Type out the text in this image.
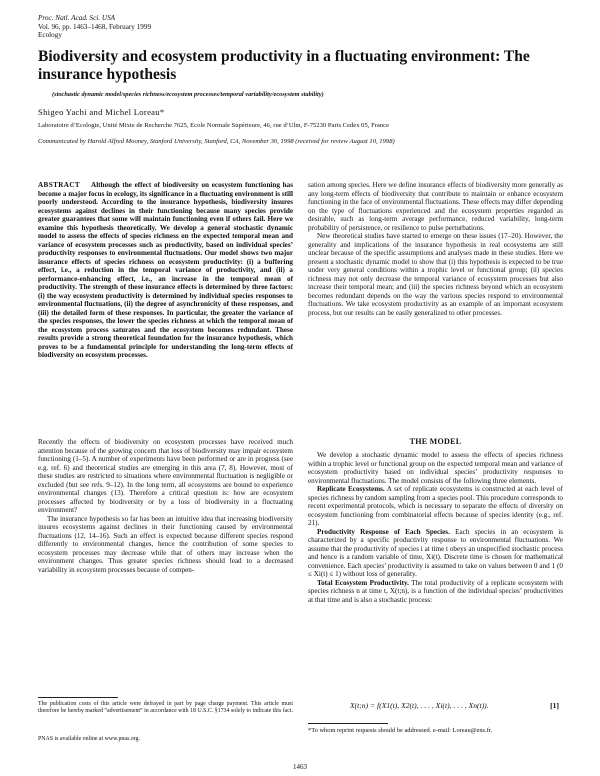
Proc. Natl. Acad. Sci. USA
Vol. 96, pp. 1463–1468, February 1999
Ecology
Biodiversity and ecosystem productivity in a fluctuating environment: The insurance hypothesis
(stochastic dynamic model/species richness/ecosystem processes/temporal variability/ecosystem stability)
Shigeo Yachi and Michel Loreau*
Laboratoire d’Ecologie, Unité Mixte de Recherche 7625, Ecole Normale Supérieure, 46, rue d’Ulm, F-75230 Paris Cedex 05, France
Communicated by Harold Alfred Mooney, Stanford University, Stanford, CA, November 30, 1998 (received for review August 10, 1998)

ABSTRACT Although the effect of biodiversity on ecosystem functioning has become a major focus in ecology, its significance in a fluctuating environment is still poorly understood. According to the insurance hypothesis, biodiversity insures ecosystems against declines in their functioning because many species provide greater guarantees that some will maintain functioning even if others fail. Here we examine this hypothesis theoretically. We develop a general stochastic dynamic model to assess the effects of species richness on the expected temporal mean and variance of ecosystem processes such as productivity, based on individual species’ productivity responses to environmental fluctuations. Our model shows two major insurance effects of species richness on ecosystem productivity: (i) a buffering effect, i.e., a reduction in the temporal variance of productivity, and (ii) a performance-enhancing effect, i.e., an increase in the temporal mean of productivity. The strength of these insurance effects is determined by three factors: (i) the way ecosystem productivity is determined by individual species responses to environmental fluctuations, (ii) the degree of asynchronicity of these responses, and (iii) the detailed form of these responses. In particular, the greater the variance of the species responses, the lower the species richness at which the temporal mean of the ecosystem process saturates and the ecosystem becomes redundant. These results provide a strong theoretical foundation for the insurance hypothesis, which proves to be a fundamental principle for understanding the long-term effects of biodiversity on ecosystem processes.

Recently the effects of biodiversity on ecosystem processes have received much attention because of the growing concern that loss of biodiversity may impair ecosystem functioning (1–5). A number of experiments have been performed or are in progress (see e.g. ref. 6) and theoretical studies are emerging in this area (7, 8). However, most of these studies are restricted to situations where environmental fluctuation is negligible or excluded (but see refs. 9–12). In the long term, all ecosystems are bound to experience environmental changes (13). Therefore a critical question is: how are ecosystem processes affected by biodiversity or by a loss of biodiversity in a fluctuating environment?

The insurance hypothesis so far has been an intuitive idea that increasing biodiversity insures ecosystems against declines in their functioning caused by environmental fluctuations (12, 14–16). Such an effect is expected because different species respond differently to environmental changes, hence the contribution of some species to ecosystem processes may decrease while that of others may increase when the environment changes. Thus greater species richness should lead to a decreased variability in ecosystem processes because of compen-

sation among species. Here we define insurance effects of biodiversity more generally as any long-term effects of biodiversity that contribute to maintain or enhance ecosystem functioning in the face of environmental fluctuations. These effects may differ depending on the type of fluctuations experienced and the ecosystem properties regarded as desirable, such as long-term average performance, reduced variability, long-term probability of persistence, or resilience to pulse perturbations.

New theoretical studies have started to emerge on these issues (17–20). However, the generality and implications of the insurance hypothesis in real ecosystems are still unclear because of the specific assumptions and analyses made in these studies. Here we present a stochastic dynamic model to show that (i) this hypothesis is expected to be true under very general conditions within a trophic level or functional group; (ii) species richness may not only decrease the temporal variance of ecosystem processes but also increase their temporal mean; and (iii) the species richness beyond which an ecosystem becomes redundant depends on the way the various species respond to environmental fluctuations. We take ecosystem productivity as an example of an important ecosystem process, but our results can be easily generalized to other processes.

THE MODEL

We develop a stochastic dynamic model to assess the effects of species richness within a trophic level or functional group on the expected temporal mean and variance of ecosystem productivity based on individual species’ productivity responses to environmental fluctuations. The model consists of the following three elements.

Replicate Ecosystems. A set of replicate ecosystems is constructed at each level of species richness by random sampling from a species pool. This procedure corresponds to recent experimental protocols, which is necessary to separate the effects of diversity on ecosystem functioning from combinatorial effects because of species identity (e.g., ref. 21).

Productivity Response of Each Species. Each species in an ecosystem is characterized by a specific productivity response to environmental fluctuations. We assume that the productivity of species i at time t obeys an unspecified stochastic process and hence is a random variable of time, Xi(t). Discrete time is chosen for mathematical convenience. Each species’ productivity is assumed to take on values between 0 and 1 (0 ≤ Xi(t) ≤ 1) without loss of generality.

Total Ecosystem Productivity. The total productivity of a replicate ecosystem with species richness n at time t, X(t;n), is a function of the individual species’ productivities at that time and is also a stochastic process:

X(t;n) = f(X1(t), X2(t), . . . , Xi(t), . . . , Xn(t)).	[1]
The publication costs of this article were defrayed in part by page charge payment. This article must therefore be hereby marked “advertisement” in accordance with 18 U.S.C. §1734 solely to indicate this fact.
PNAS is available online at www.pnas.org.
*To whom reprint requests should be addressed. e-mail: Loreau@ens.fr.
1463
